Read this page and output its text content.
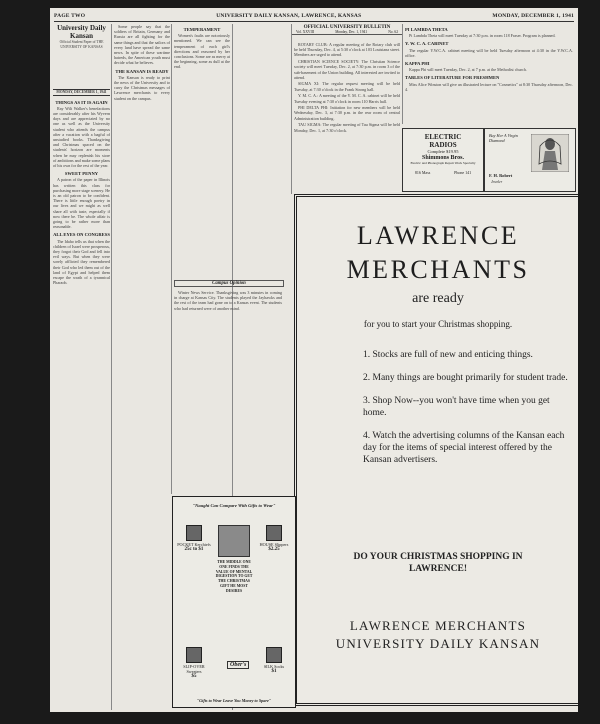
PAGE TWO	UNIVERSITY DAILY KANSAN, LAWRENCE, KANSAS	MONDAY, DECEMBER 1, 1941
University Daily Kansan
Official Student Paper of THE UNIVERSITY OF KANSAS
MONDAY, DECEMBER 1, 1941
THINGS AS IT IS AGAIN

Ray Wilt Walker's benefactions are considerably after his Wyvern days and are appreciated by no one as well as the University student who attends the campus after a vacation with a bagful of unstudied books. Thanksgiving and Christmas spaced on the students' horizon are moments when he may replenish his store of ambitions and make some plans of his own for the rest of the year.

SWEET PENNY

A patron of the paper in Illinois has written this class for purchasing more stage scenery. He is an old patron to be confident. There is little enough poetry in our lives and we might as well share all with taste, especially if now there be. The whole affair is going to be rather more than reasonable.

ALL EYES ON CONGRESS

The Idaho tells us that when the children of Israel were prosperous, they forgot their God and fell into evil ways. But when they were sorely afflicted they remembered their God who led them out of the land of Egypt and helped them escape the wrath of a tyrannical Pharaoh.

Some people say that the soldiers of Britain, Germany and Russia are all fighting for the same things and that the sailors of every land have spread the same news. In spite of these wartime hatreds, the American youth must decide what he believes.

THE KANSAN IS READY

The Kansan is ready to print the news of the University and to carry the Christmas messages of Lawrence merchants to every student on the campus.

TEMPERAMENT

Women's faults are notoriously mentioned. We can see the temperament of each girl's directions and reasoned by her conclusions. Some are as merry at the beginning, some as dull at the end.

Campus Opinion

Winter News Service. Thanksgiving was 3 minutes in coming in charge at Kansas City. The students played the Jayhawks and the rest of the team had gone on to a Kansas event. The students who had returned were of another mind.

OFFICIAL UNIVERSITY BULLETIN
Vol. XXVIII	Monday, Dec. 1, 1941	No. 62

ROTARY CLUB: A regular meeting of the Rotary club will be held Thursday, Dec. 4, at 5:30 o'clock at 103 Louisiana street. Members are urged to attend.

CHRISTIAN SCIENCE SOCIETY: The Christian Science society will meet Tuesday, Dec. 2, at 7:30 p.m. in room 3 of the sub-basement of the Union building. All interested are invited to attend.

SIGMA XI: The regular request meeting will be held Tuesday, at 7:30 o'clock in the Frank Strong hall.

Y. M. C. A.: A meeting of the Y. M. C. A. cabinet will be held Tuesday evening at 7:30 o'clock in room 110 Harris hall.

PHI DELTA PHI: Initiation for new members will be held Wednesday, Dec. 3, at 7:30 p.m. in the rear room of central Administration building.

TAU SIGMA: The regular meeting of Tau Sigma will be held Monday, Dec. 1, at 7:30 o'clock.

PI LAMBDA THETA

Pi Lambda Theta will meet Tuesday at 7:30 p.m. in room 118 Fraser. Program is planned.

Y. W. C. A. CABINET

The regular Y.W.C.A. cabinet meeting will be held Tuesday afternoon at 4:30 in the Y.W.C.A. office.

KAPPA PHI

Kappa Phi will meet Tuesday, Dec. 2, at 7 p.m. at the Methodist church.

TABLES OF LITERATURE FOR FRESHMEN

Miss Alice Winston will give an illustrated lecture on "Cosmetics" at 8:30 Thursday afternoon, Dec. 4.

ELECTRIC
RADIOS
Complete $19.95
Shimmons Bros.
Electric and Phonograph Repair Work Specialty
816 Mass	Phone 141
Buy Her A Virgin Diamond
F. H. Robert
Jeweler
LAWRENCE
MERCHANTS
are ready
for you to start your Christmas shopping.
1. Stocks are full of new and enticing things.
2. Many things are bought primarily for student trade.
3. Shop Now--you won't have time when you get home.
4. Watch the advertising columns of the Kansan each day for the items of special interest offered by the Kansan advertisers.
DO YOUR CHRISTMAS SHOPPING IN
LAWRENCE!
LAWRENCE MERCHANTS
UNIVERSITY DAILY KANSAN
"Naught Can Compare With Gifts to Wear"
POCKET Kerchiefs
25c to $1
HOUSE Slippers
$2.25
THE MIDDLE ONE ONE FINDS THE VALUE OF MENTAL DIGESTION TO GET THE CHRISTMAS GIFT HE MOST DESIRES
SLIP-OVER Sweaters
$5
SILK Socks
$1
Ober's
"Gifts to Wear Leave You Money to Spare"
